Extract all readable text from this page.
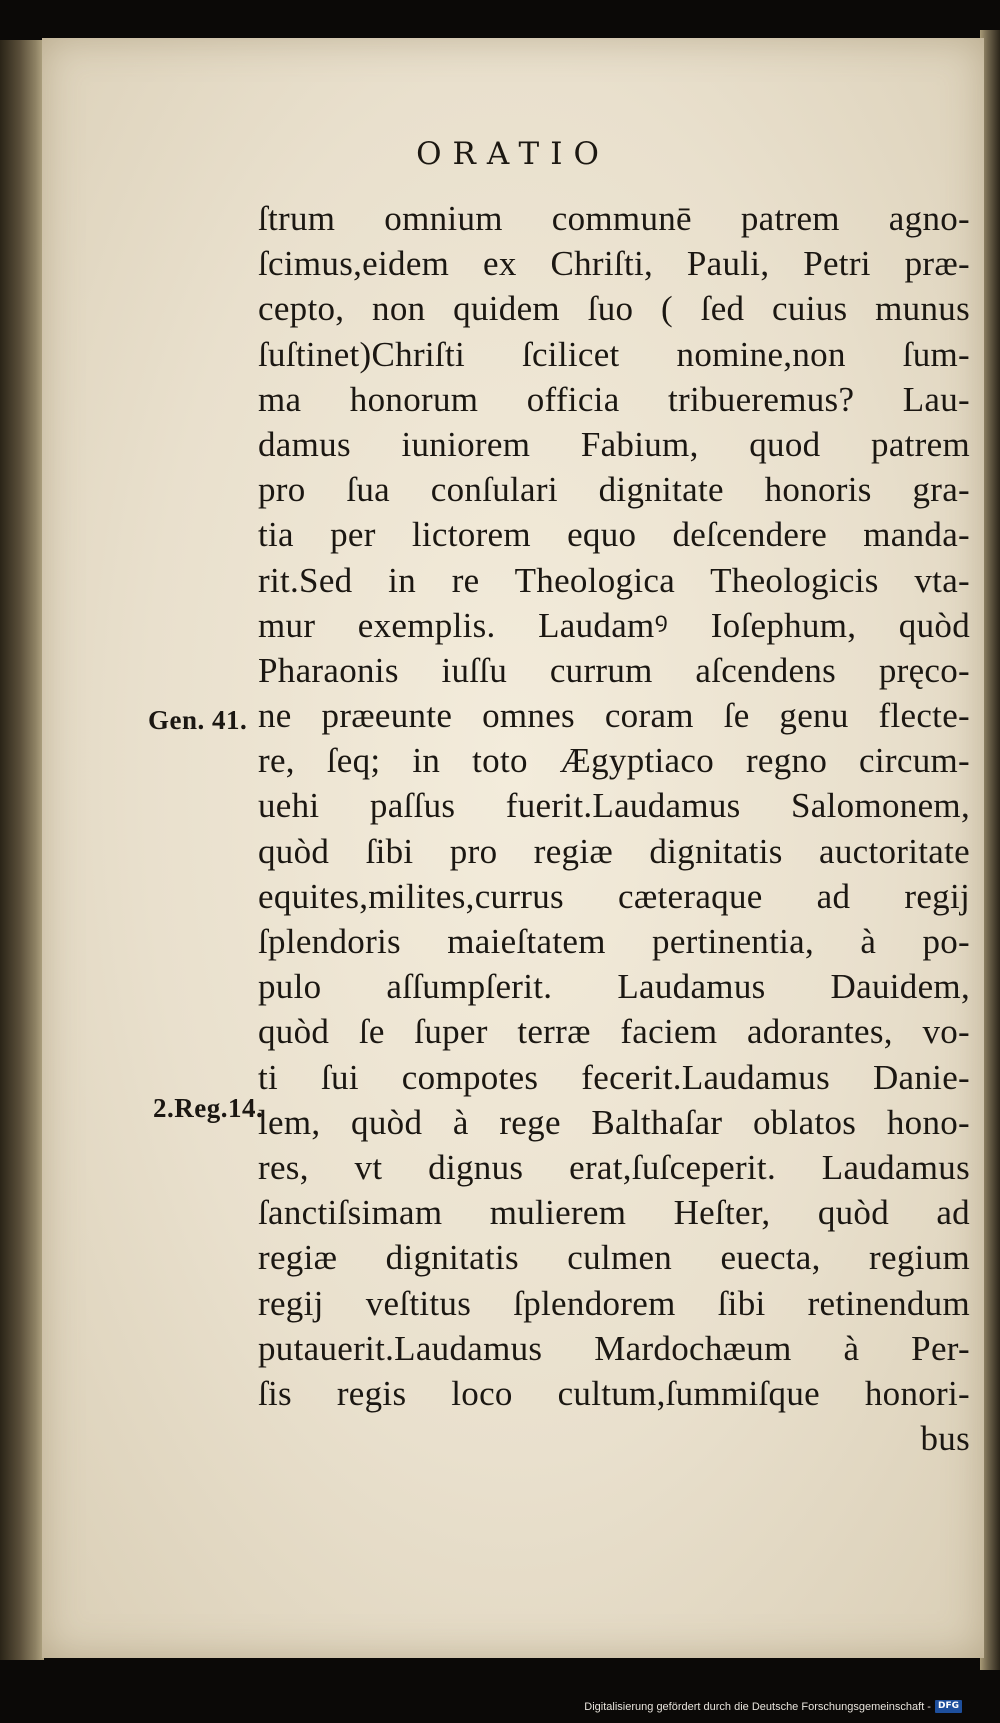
ORATIO
Gen. 41.
2.Reg.14.
ſtrum omnium communē patrem agno-
ſcimus,eidem ex Chriſti, Pauli, Petri præ-
cepto, non quidem ſuo ( ſed cuius munus
ſuſtinet)Chriſti ſcilicet nomine,non ſum-
ma honorum officia tribueremus? Lau-
damus iuniorem Fabium, quod patrem
pro ſua conſulari dignitate honoris gra-
tia per lictorem equo deſcendere manda-
rit.Sed in re Theologica Theologicis vta-
mur exemplis. Laudamꝰ Ioſephum, quòd
Pharaonis iuſſu currum aſcendens pręco-
ne præeunte omnes coram ſe genu flecte-
re, ſeq; in toto Ægyptiaco regno circum-
uehi paſſus fuerit.Laudamus Salomonem,
quòd ſibi pro regiæ dignitatis auctoritate
equites,milites,currus cæteraque ad regij
ſplendoris maieſtatem pertinentia, à po-
pulo aſſumpſerit. Laudamus Dauidem,
quòd ſe ſuper terræ faciem adorantes, vo-
ti ſui compotes fecerit.Laudamus Danie-
lem, quòd à rege Balthaſar oblatos hono-
res, vt dignus erat,ſuſceperit. Laudamus
ſanctiſsimam mulierem Heſter, quòd ad
regiæ dignitatis culmen euecta, regium
regij veſtitus ſplendorem ſibi retinendum
putauerit.Laudamus Mardochæum à Per-
ſis regis loco cultum,ſummiſque honori-
bus
Digitalisierung gefördert durch die Deutsche Forschungsgemeinschaft - DFG
